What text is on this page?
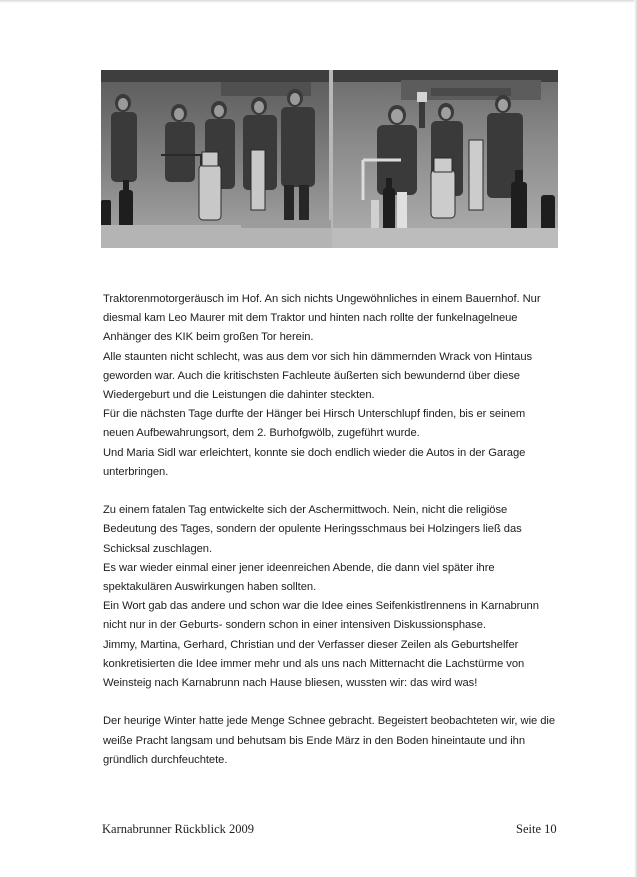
Traktorenmotorgeräusch im Hof. An sich nichts Ungewöhnliches in einem Bauernhof. Nur
diesmal kam Leo Maurer mit dem Traktor und hinten nach rollte der funkelnagelneue
Anhänger des KIK beim großen Tor herein.
Alle staunten nicht schlecht, was aus dem vor sich hin dämmernden Wrack von Hintaus
geworden war. Auch die kritischsten Fachleute äußerten sich bewundernd über diese
Wiedergeburt und die Leistungen die dahinter steckten.
Für die nächsten Tage durfte der Hänger bei Hirsch Unterschlupf finden, bis er seinem
neuen Aufbewahrungsort, dem 2. Burhofgwölb, zugeführt wurde.
Und Maria Sidl war erleichtert, konnte sie doch endlich wieder die Autos in der Garage
unterbringen.
Zu einem fatalen Tag entwickelte sich der Aschermittwoch. Nein, nicht die religiöse
Bedeutung des Tages, sondern der opulente Heringsschmaus bei Holzingers ließ das
Schicksal zuschlagen.
Es war wieder einmal einer jener ideenreichen Abende, die dann viel später ihre
spektakulären Auswirkungen haben sollten.
Ein Wort gab das andere und schon war die Idee eines Seifenkistlrennens in Karnabrunn
nicht nur in der Geburts- sondern schon in einer intensiven Diskussionsphase.
Jimmy, Martina, Gerhard, Christian und der Verfasser dieser Zeilen als Geburtshelfer
konkretisierten die Idee immer mehr und als uns nach Mitternacht die Lachstürme von
Weinsteig nach Karnabrunn nach Hause bliesen, wussten wir: das wird was!
Der heurige Winter hatte jede Menge Schnee gebracht. Begeistert beobachteten wir, wie die
weiße Pracht langsam und behutsam bis Ende März in den Boden hineintaute und ihn
gründlich durchfeuchtete.
Karnabrunner Rückblick 2009	Seite 10
